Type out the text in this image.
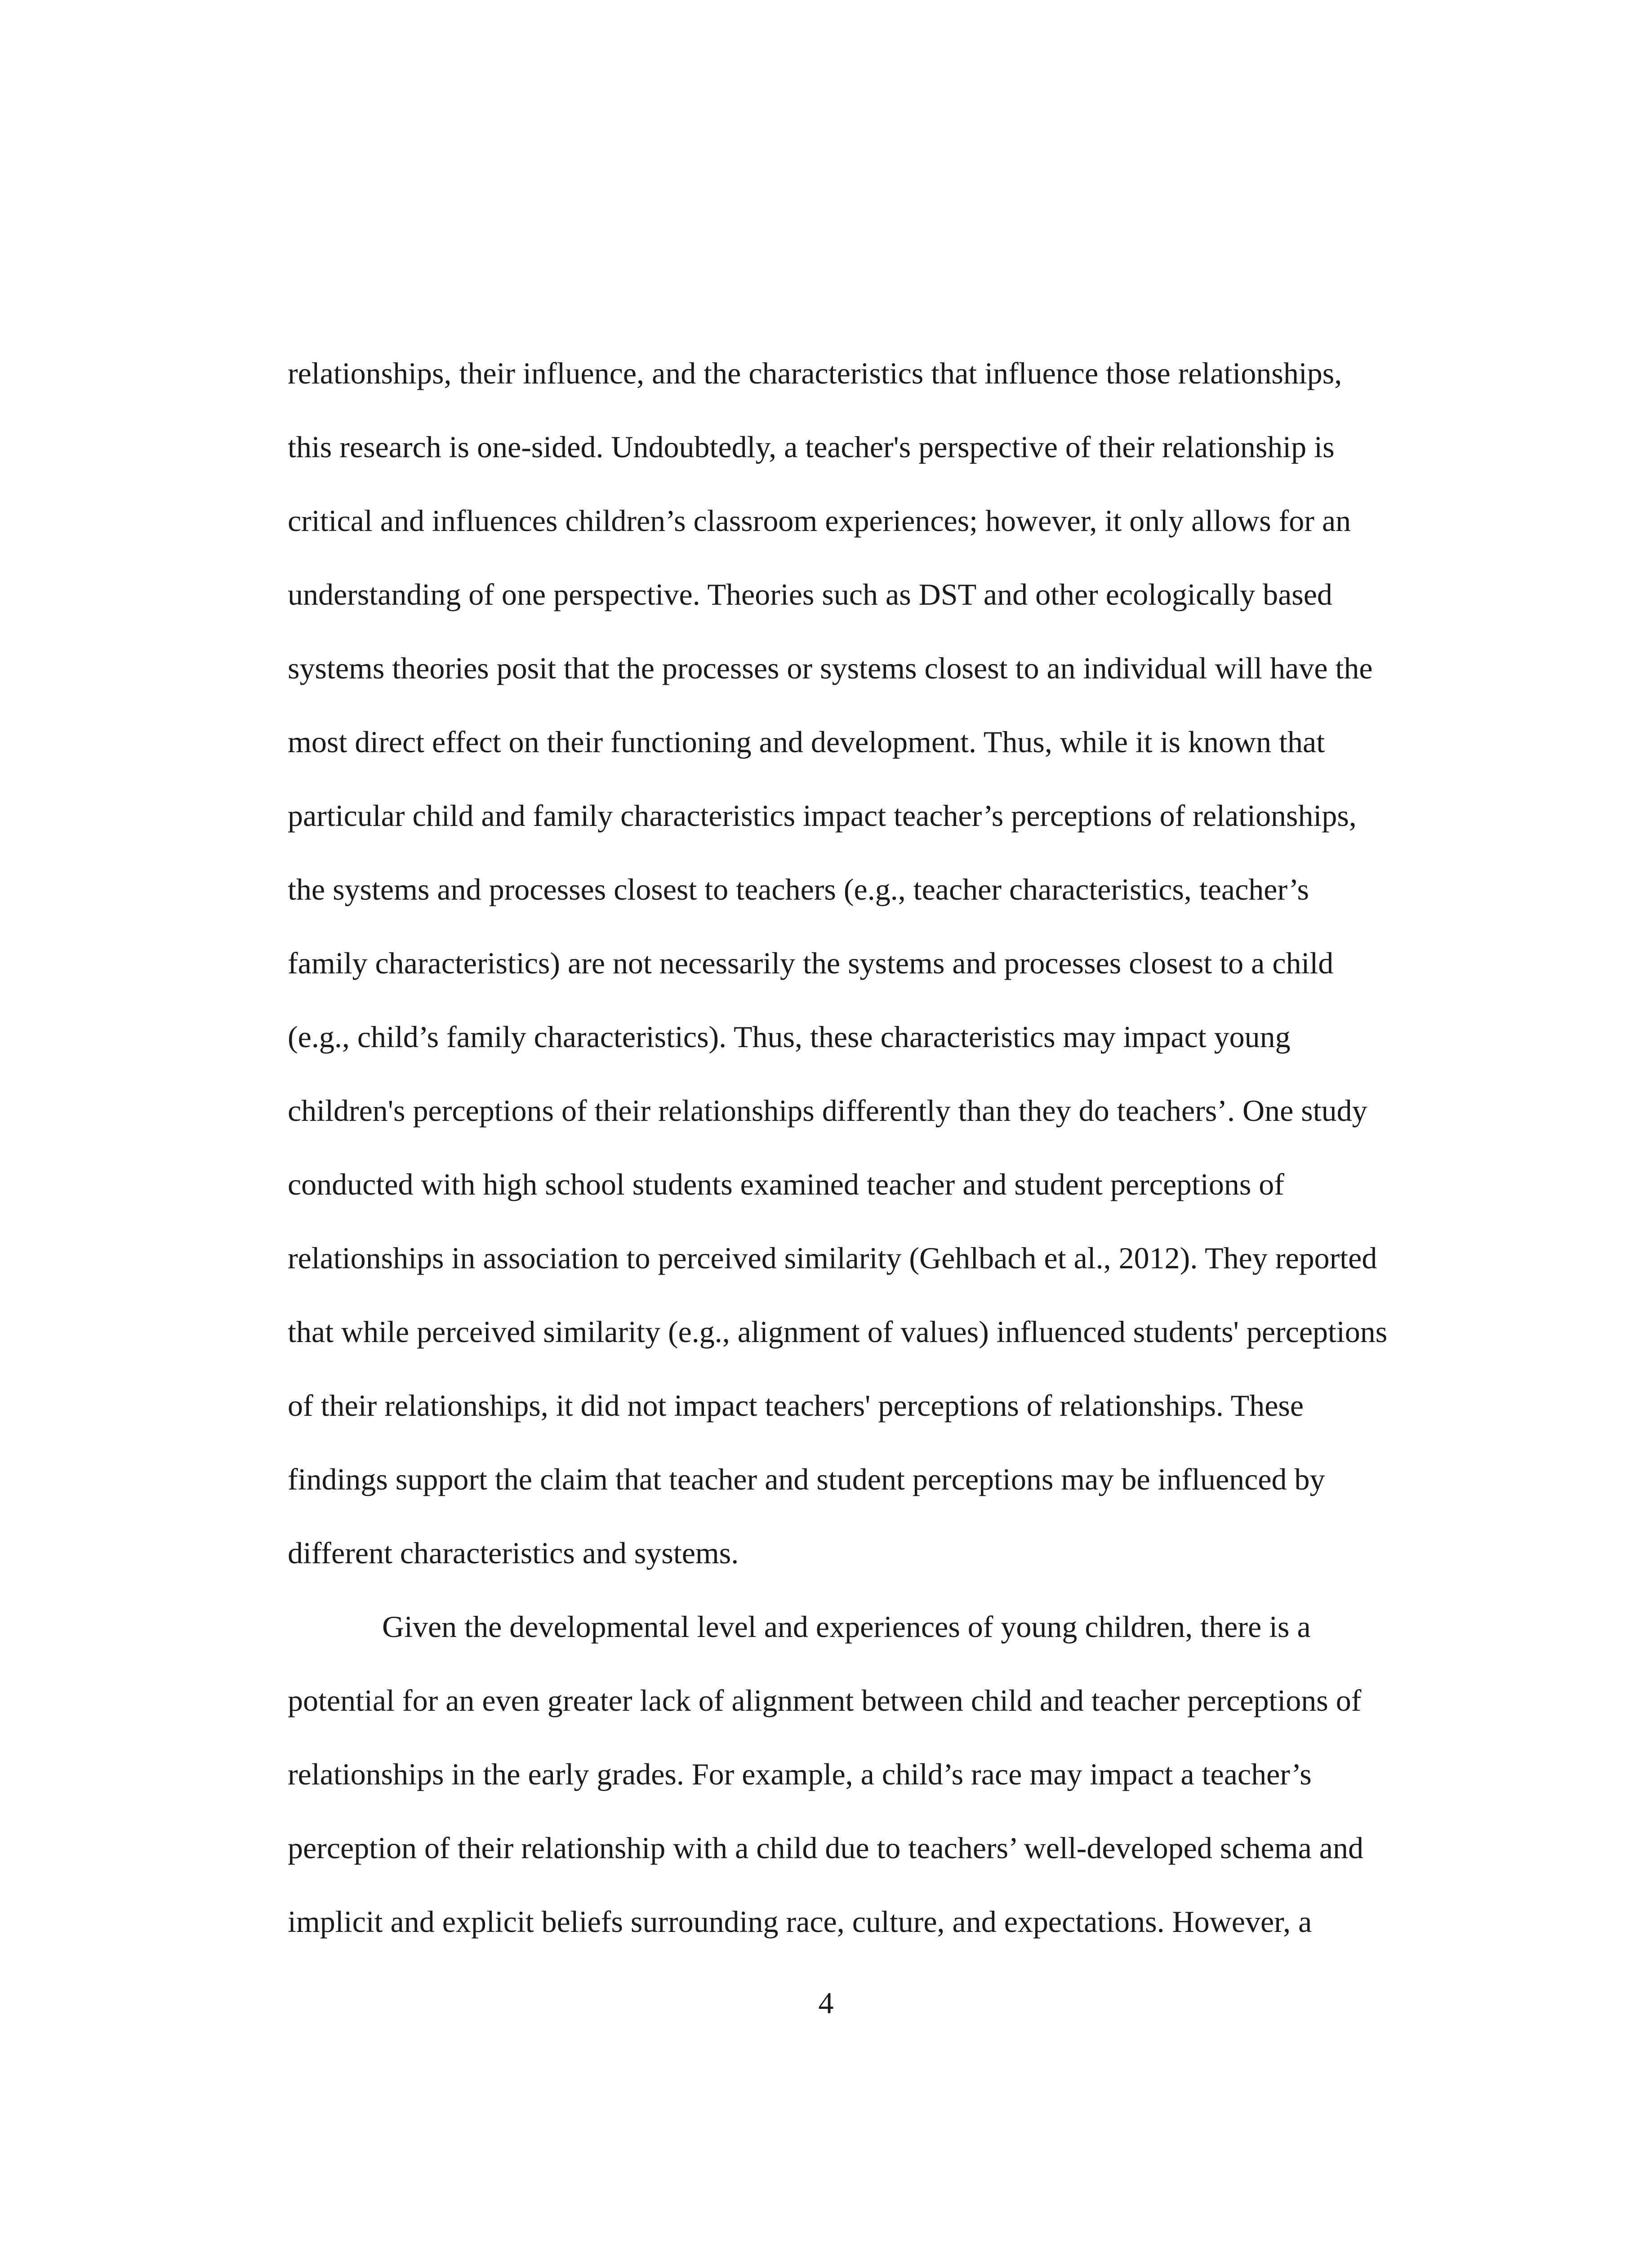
relationships, their influence, and the characteristics that influence those relationships,
this research is one-sided. Undoubtedly, a teacher's perspective of their relationship is
critical and influences children’s classroom experiences; however, it only allows for an
understanding of one perspective. Theories such as DST and other ecologically based
systems theories posit that the processes or systems closest to an individual will have the
most direct effect on their functioning and development. Thus, while it is known that
particular child and family characteristics impact teacher’s perceptions of relationships,
the systems and processes closest to teachers (e.g., teacher characteristics, teacher’s
family characteristics) are not necessarily the systems and processes closest to a child
(e.g., child’s family characteristics). Thus, these characteristics may impact young
children's perceptions of their relationships differently than they do teachers’. One study
conducted with high school students examined teacher and student perceptions of
relationships in association to perceived similarity (Gehlbach et al., 2012). They reported
that while perceived similarity (e.g., alignment of values) influenced students' perceptions
of their relationships, it did not impact teachers' perceptions of relationships. These
findings support the claim that teacher and student perceptions may be influenced by
different characteristics and systems.
Given the developmental level and experiences of young children, there is a
potential for an even greater lack of alignment between child and teacher perceptions of
relationships in the early grades. For example, a child’s race may impact a teacher’s
perception of their relationship with a child due to teachers’ well-developed schema and
implicit and explicit beliefs surrounding race, culture, and expectations. However, a
4
